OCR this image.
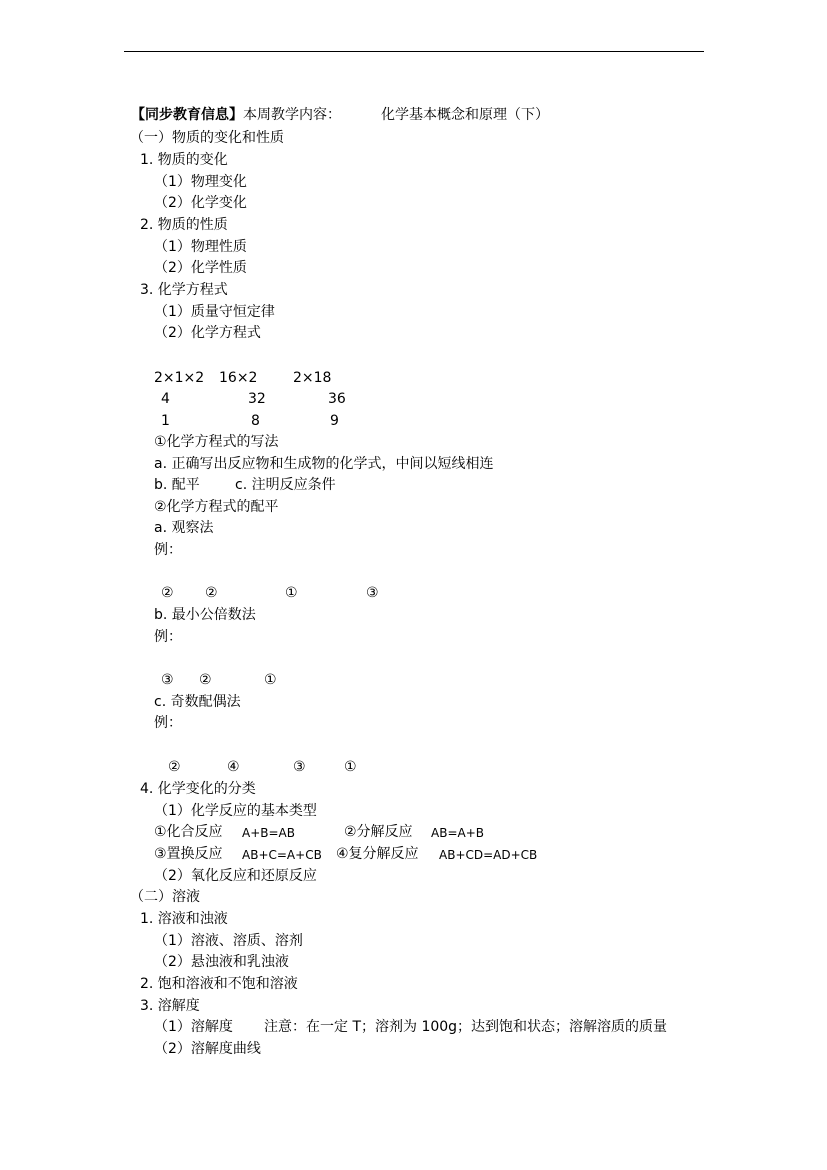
【同步教育信息】本周教学内容：	化学基本概念和原理（下）
（一）物质的变化和性质
1. 物质的变化
（1）物理变化
（2）化学变化
2. 物质的性质
（1）物理性质
（2）化学性质
3. 化学方程式
（1）质量守恒定律
（2）化学方程式
2×1×2 16×2	2×18
4	32	36
1	8	9
①化学方程式的写法
a. 正确写出反应物和生成物的化学式，中间以短线相连
b. 配平	c. 注明反应条件
②化学方程式的配平
a. 观察法
例：
② ②	①	③
b. 最小公倍数法
例：
③ ②	①
c. 奇数配偶法
例：
②	④	③	①
4. 化学变化的分类
（1）化学反应的基本类型
①化合反应 A+B=AB	②分解反应 AB=A+B
③置换反应 AB+C=A+CB ④复分解反应 AB+CD=AD+CB
（2）氧化反应和还原反应
（二）溶液
1. 溶液和浊液
（1）溶液、溶质、溶剂
（2）悬浊液和乳浊液
2. 饱和溶液和不饱和溶液
3. 溶解度
（1）溶解度 注意：在一定 T；溶剂为 100g；达到饱和状态；溶解溶质的质量
（2）溶解度曲线
